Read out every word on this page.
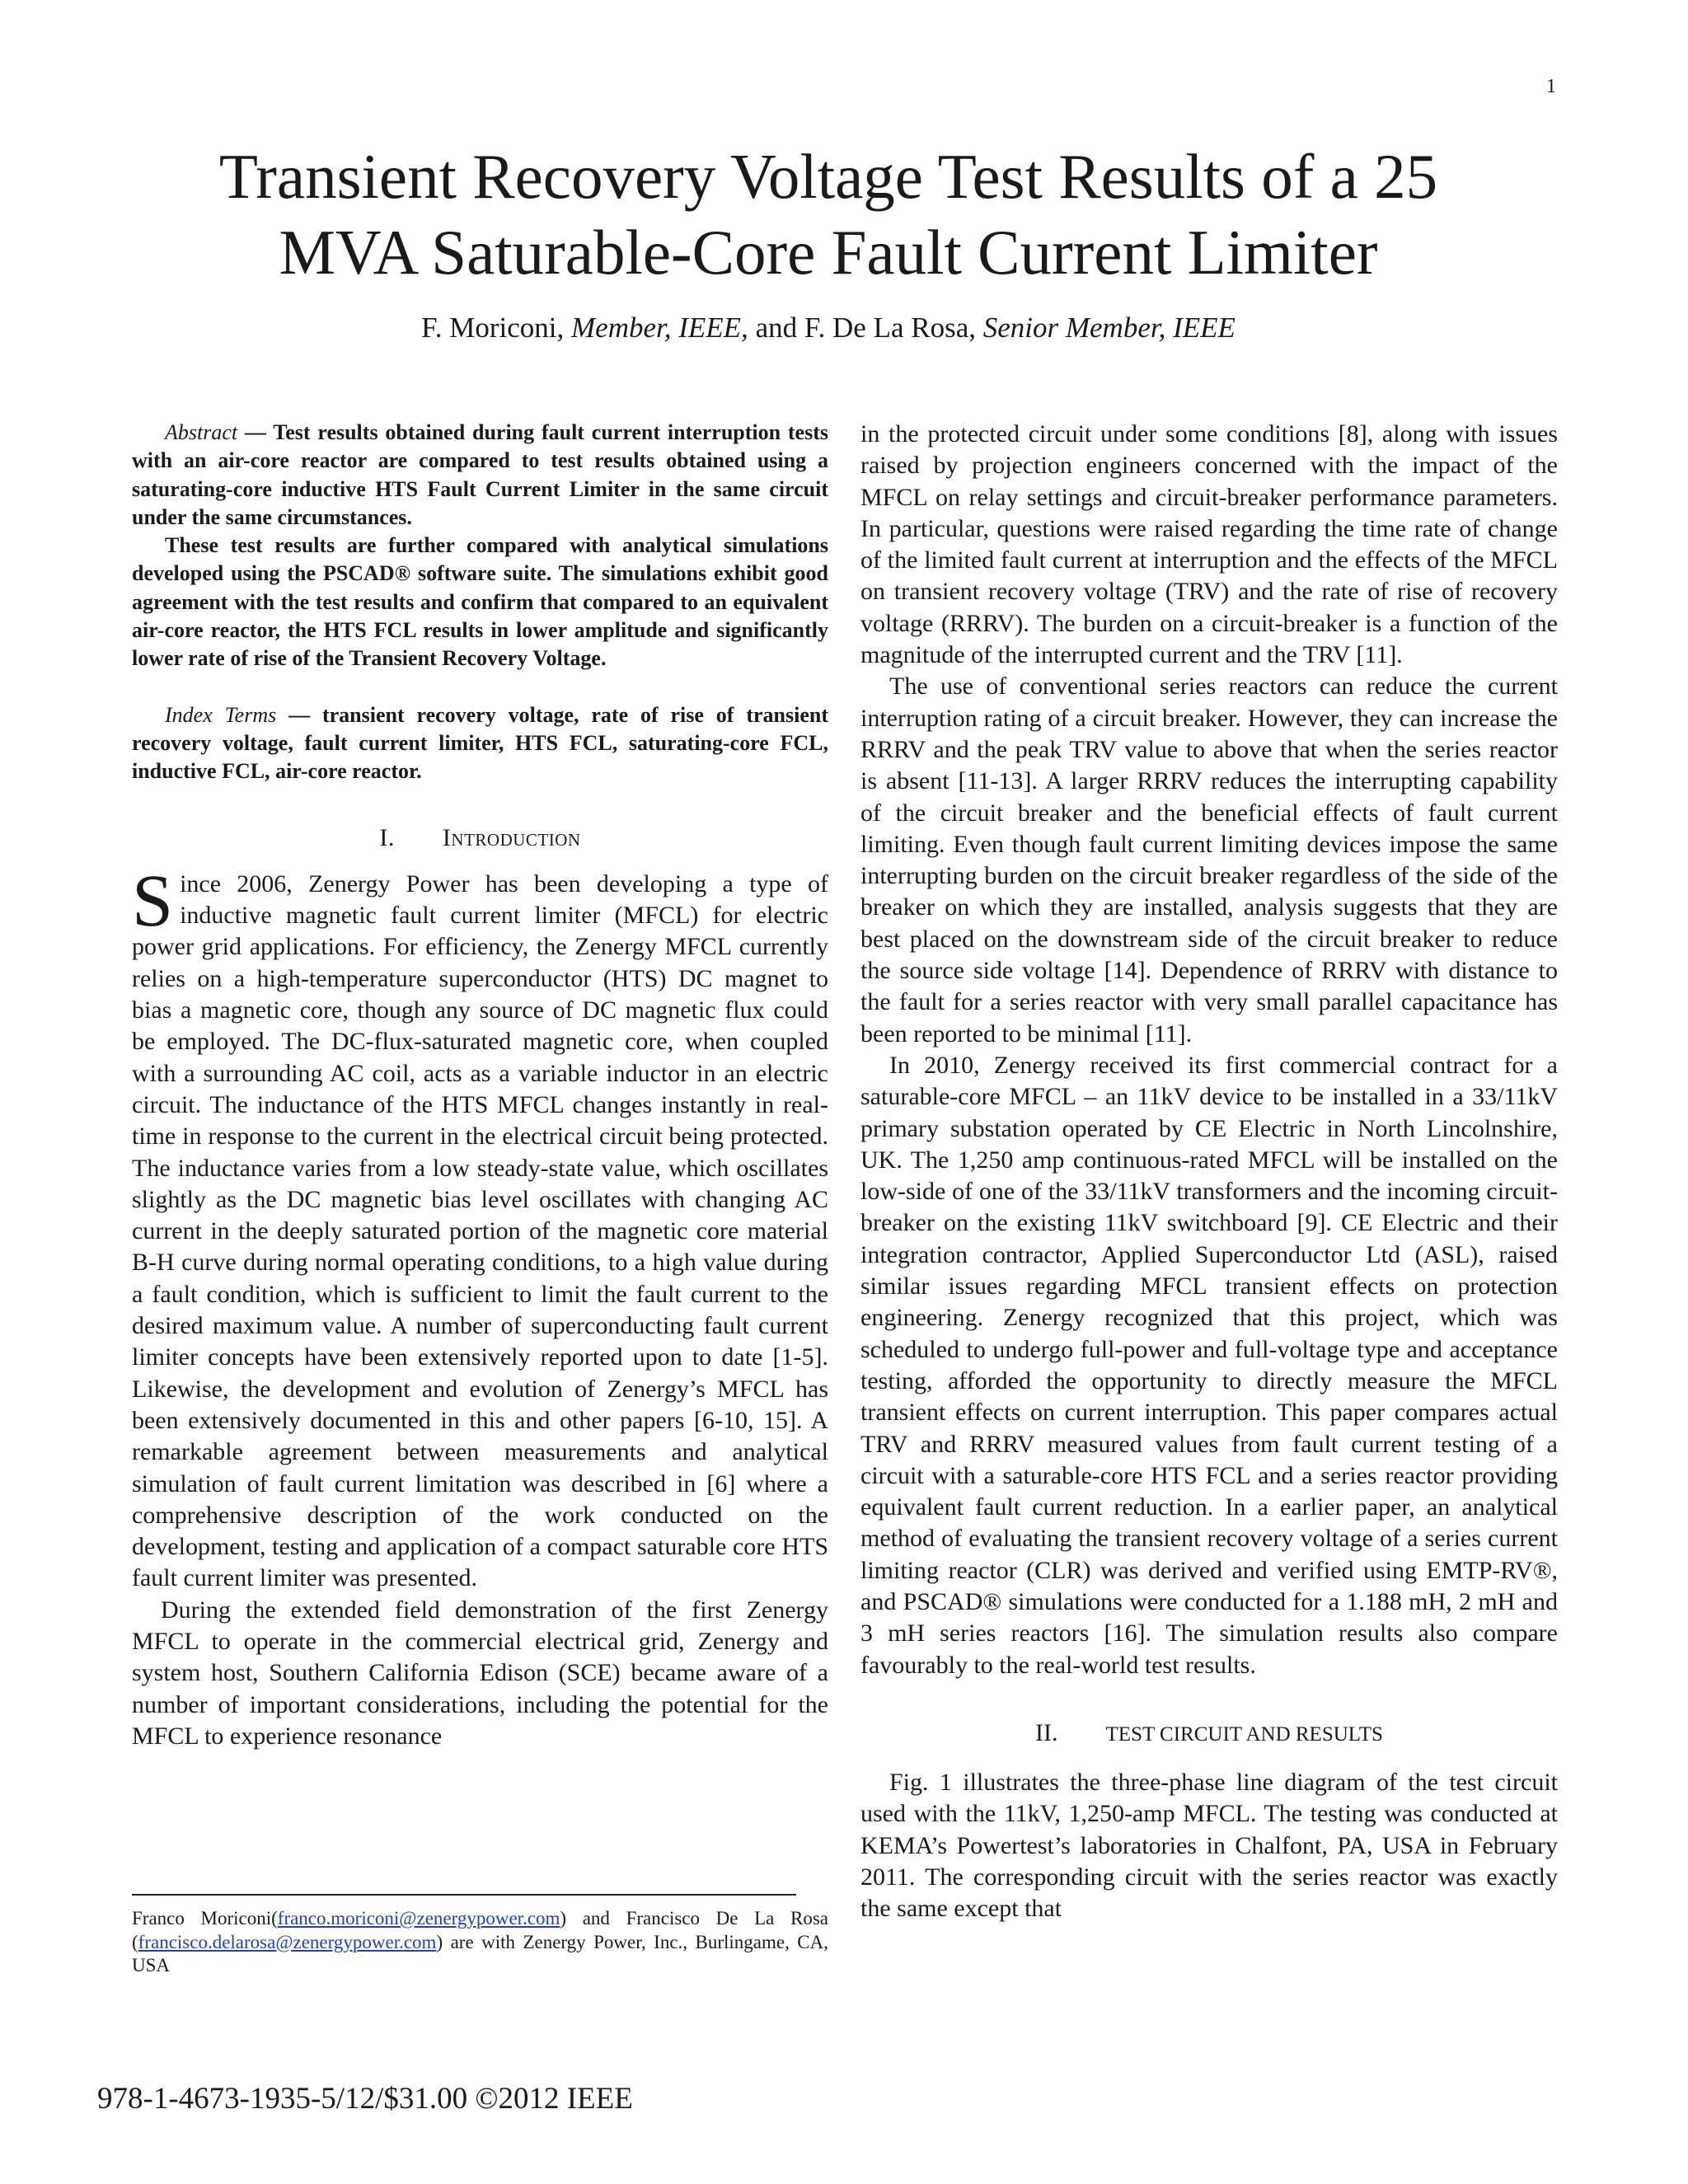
1
Transient Recovery Voltage Test Results of a 25
MVA Saturable-Core Fault Current Limiter
F. Moriconi, Member, IEEE, and F. De La Rosa, Senior Member, IEEE

Abstract — Test results obtained during fault current interruption tests with an air-core reactor are compared to test results obtained using a saturating-core inductive HTS Fault Current Limiter in the same circuit under the same circumstances.

These test results are further compared with analytical simulations developed using the PSCAD® software suite. The simulations exhibit good agreement with the test results and confirm that compared to an equivalent air-core reactor, the HTS FCL results in lower amplitude and significantly lower rate of rise of the Transient Recovery Voltage.

Index Terms — transient recovery voltage, rate of rise of transient recovery voltage, fault current limiter, HTS FCL, saturating-core FCL, inductive FCL, air-core reactor.

I. Introduction

Since 2006, Zenergy Power has been developing a type of inductive magnetic fault current limiter (MFCL) for electric power grid applications. For efficiency, the Zenergy MFCL currently relies on a high-temperature superconductor (HTS) DC magnet to bias a magnetic core, though any source of DC magnetic flux could be employed. The DC-flux-saturated magnetic core, when coupled with a surrounding AC coil, acts as a variable inductor in an electric circuit. The inductance of the HTS MFCL changes instantly in real-time in response to the current in the electrical circuit being protected. The inductance varies from a low steady-state value, which oscillates slightly as the DC magnetic bias level oscillates with changing AC current in the deeply saturated portion of the magnetic core material B-H curve during normal operating conditions, to a high value during a fault condition, which is sufficient to limit the fault current to the desired maximum value. A number of superconducting fault current limiter concepts have been extensively reported upon to date [1-5]. Likewise, the development and evolution of Zenergy’s MFCL has been extensively documented in this and other papers [6-10, 15]. A remarkable agreement between measurements and analytical simulation of fault current limitation was described in [6] where a comprehensive description of the work conducted on the development, testing and application of a compact saturable core HTS fault current limiter was presented.

During the extended field demonstration of the first Zenergy MFCL to operate in the commercial electrical grid, Zenergy and system host, Southern California Edison (SCE) became aware of a number of important considerations, including the potential for the MFCL to experience resonance

in the protected circuit under some conditions [8], along with issues raised by projection engineers concerned with the impact of the MFCL on relay settings and circuit-breaker performance parameters. In particular, questions were raised regarding the time rate of change of the limited fault current at interruption and the effects of the MFCL on transient recovery voltage (TRV) and the rate of rise of recovery voltage (RRRV). The burden on a circuit-breaker is a function of the magnitude of the interrupted current and the TRV [11].

The use of conventional series reactors can reduce the current interruption rating of a circuit breaker. However, they can increase the RRRV and the peak TRV value to above that when the series reactor is absent [11-13]. A larger RRRV reduces the interrupting capability of the circuit breaker and the beneficial effects of fault current limiting. Even though fault current limiting devices impose the same interrupting burden on the circuit breaker regardless of the side of the breaker on which they are installed, analysis suggests that they are best placed on the downstream side of the circuit breaker to reduce the source side voltage [14]. Dependence of RRRV with distance to the fault for a series reactor with very small parallel capacitance has been reported to be minimal [11].

In 2010, Zenergy received its first commercial contract for a saturable-core MFCL – an 11kV device to be installed in a 33/11kV primary substation operated by CE Electric in North Lincolnshire, UK. The 1,250 amp continuous-rated MFCL will be installed on the low-side of one of the 33/11kV transformers and the incoming circuit-breaker on the existing 11kV switchboard [9]. CE Electric and their integration contractor, Applied Superconductor Ltd (ASL), raised similar issues regarding MFCL transient effects on protection engineering. Zenergy recognized that this project, which was scheduled to undergo full-power and full-voltage type and acceptance testing, afforded the opportunity to directly measure the MFCL transient effects on current interruption. This paper compares actual TRV and RRRV measured values from fault current testing of a circuit with a saturable-core HTS FCL and a series reactor providing equivalent fault current reduction. In a earlier paper, an analytical method of evaluating the transient recovery voltage of a series current limiting reactor (CLR) was derived and verified using EMTP-RV®, and PSCAD® simulations were conducted for a 1.188 mH, 2 mH and 3 mH series reactors [16]. The simulation results also compare favourably to the real-world test results.

II. TEST CIRCUIT AND RESULTS

Fig. 1 illustrates the three-phase line diagram of the test circuit used with the 11kV, 1,250-amp MFCL. The testing was conducted at KEMA’s Powertest’s laboratories in Chalfont, PA, USA in February 2011. The corresponding circuit with the series reactor was exactly the same except that

Franco Moriconi(franco.moriconi@zenergypower.com) and Francisco De La Rosa (francisco.delarosa@zenergypower.com) are with Zenergy Power, Inc., Burlingame, CA, USA
978-1-4673-1935-5/12/$31.00 ©2012 IEEE
